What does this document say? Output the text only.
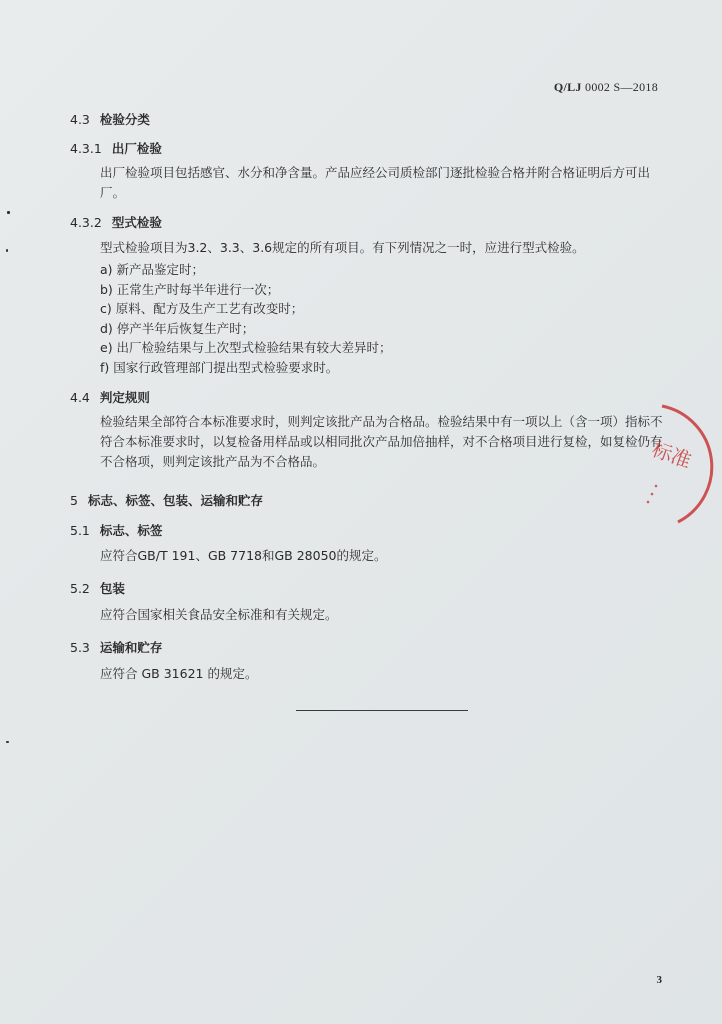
Q/LJ 0002 S—2018
4.3 检验分类
4.3.1 出厂检验
出厂检验项目包括感官、水分和净含量。产品应经公司质检部门逐批检验合格并附合格证明后方可出厂。
4.3.2 型式检验
型式检验项目为3.2、3.3、3.6规定的所有项目。有下列情况之一时，应进行型式检验。
a) 新产品鉴定时；
b) 正常生产时每半年进行一次；
c) 原料、配方及生产工艺有改变时；
d) 停产半年后恢复生产时；
e) 出厂检验结果与上次型式检验结果有较大差异时；
f) 国家行政管理部门提出型式检验要求时。
4.4 判定规则
检验结果全部符合本标准要求时，则判定该批产品为合格品。检验结果中有一项以上（含一项）指标不符合本标准要求时，以复检备用样品或以相同批次产品加倍抽样，对不合格项目进行复检，如复检仍有不合格项，则判定该批产品为不合格品。
5 标志、标签、包装、运输和贮存
5.1 标志、标签
应符合GB/T 191、GB 7718和GB 28050的规定。
5.2 包装
应符合国家相关食品安全标准和有关规定。
5.3 运输和贮存
应符合 GB 31621 的规定。
标准
3
